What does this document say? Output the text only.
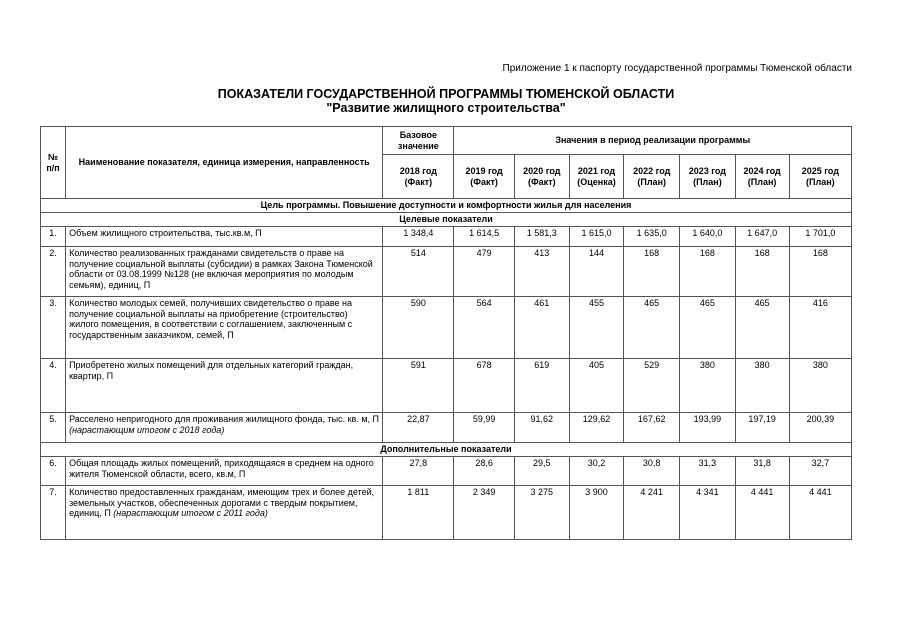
Приложение 1 к паспорту государственной программы Тюменской области
ПОКАЗАТЕЛИ ГОСУДАРСТВЕННОЙ ПРОГРАММЫ ТЮМЕНСКОЙ ОБЛАСТИ
"Развитие жилищного строительства"
№ п/п	Наименование показателя, единица измерения, направленность	Базовое значение	Значения в период реализации программы						
		2018 год (Факт)	2019 год (Факт)	2020 год (Факт)	2021 год (Оценка)	2022 год (План)	2023 год (План)	2024 год (План)	2025 год (План)
Цель программы. Повышение доступности и комфортности жилья для населения									
Целевые показатели									
1.	Объем жилищного строительства, тыс.кв.м, П	1 348,4	1 614,5	1 581,3	1 615,0	1 635,0	1 640,0	1 647,0	1 701,0
2.	Количество реализованных гражданами свидетельств о праве на получение социальной выплаты (субсидии) в рамках Закона Тюменской области от 03.08.1999 №128 (не включая мероприятия по молодым семьям), единиц, П	514	479	413	144	168	168	168	168
3.	Количество молодых семей, получивших свидетельство о праве на получение социальной выплаты на приобретение (строительство) жилого помещения, в соответствии с соглашением, заключенным с государственным заказчиком, семей, П	590	564	461	455	465	465	465	416
4.	Приобретено жилых помещений для отдельных категорий граждан, квартир, П	591	678	619	405	529	380	380	380
5.	Расселено непригодного для проживания жилищного фонда, тыс. кв. м, П (нарастающим итогом с 2018 года)	22,87	59,99	91,62	129,62	167,62	193,99	197,19	200,39
Дополнительные показатели									
6.	Общая площадь жилых помещений, приходящаяся в среднем на одного жителя Тюменской области, всего, кв.м, П	27,8	28,6	29,5	30,2	30,8	31,3	31,8	32,7
7.	Количество предоставленных гражданам, имеющим трех и более детей, земельных участков, обеспеченных дорогами с твердым покрытием, единиц, П (нарастающим итогом с 2011 года)	1 811	2 349	3 275	3 900	4 241	4 341	4 441	4 441
